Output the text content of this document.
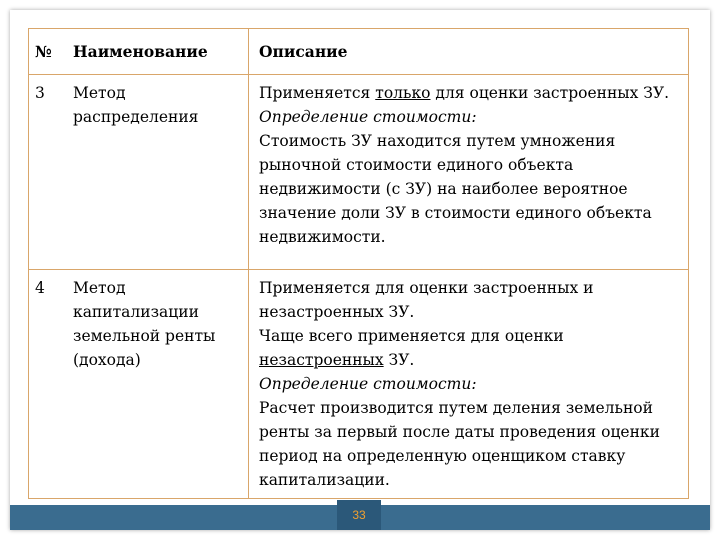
№	Наименование	Описание
3	Метод распределения	Применяется только для оценки застроенных ЗУ.
Определение стоимости:
Стоимость ЗУ находится путем умножения рыночной стоимости единого объекта недвижимости (с ЗУ) на наиболее вероятное значение доли ЗУ в стоимости единого объекта недвижимости.

4	Метод капитализации земельной ренты (дохода)	Применяется для оценки застроенных и незастроенных ЗУ.
Чаще всего применяется для оценки незастроенных ЗУ.
Определение стоимости:
Расчет производится путем деления земельной ренты за первый после даты проведения оценки период на определенную оценщиком ставку капитализации.
33
